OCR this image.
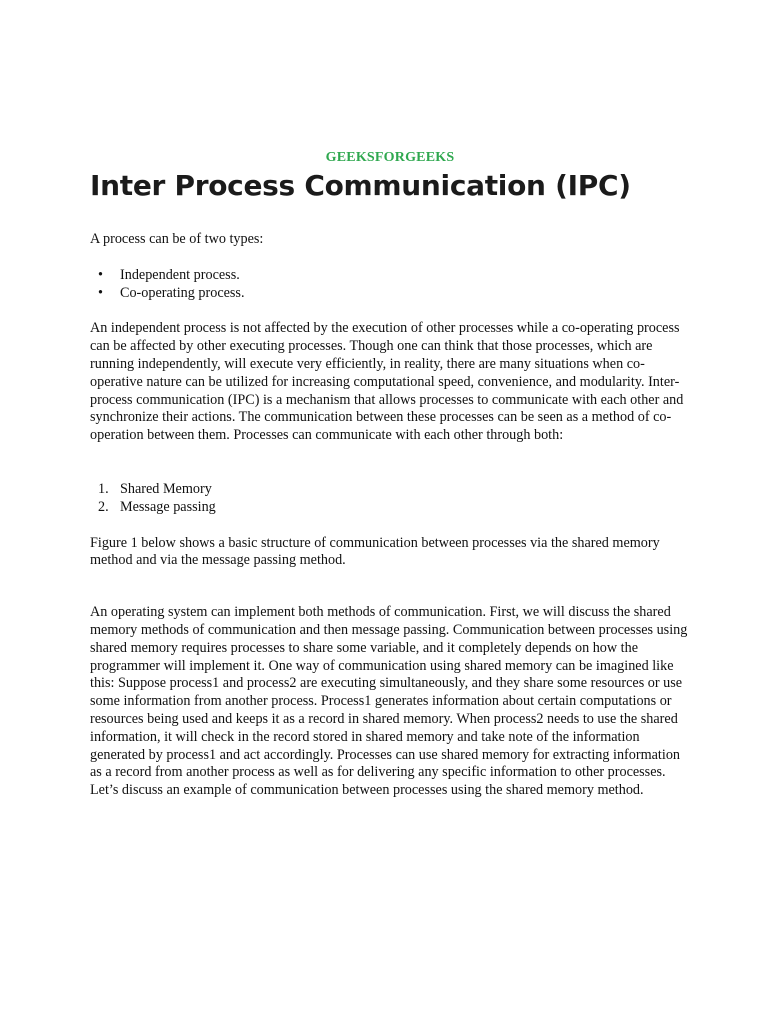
GEEKSFORGEEKS
Inter Process Communication (IPC)

A process can be of two types:

• Independent process.
• Co-operating process.

An independent process is not affected by the execution of other processes while a co-operating process can be affected by other executing processes. Though one can think that those processes, which are running independently, will execute very efficiently, in reality, there are many situations when co-operative nature can be utilized for increasing computational speed, convenience, and modularity. Inter-process communication (IPC) is a mechanism that allows processes to communicate with each other and synchronize their actions. The communication between these processes can be seen as a method of co-operation between them. Processes can communicate with each other through both:

1. Shared Memory
2. Message passing

Figure 1 below shows a basic structure of communication between processes via the shared memory method and via the message passing method.

An operating system can implement both methods of communication. First, we will discuss the shared memory methods of communication and then message passing. Communication between processes using shared memory requires processes to share some variable, and it completely depends on how the programmer will implement it. One way of communication using shared memory can be imagined like this: Suppose process1 and process2 are executing simultaneously, and they share some resources or use some information from another process. Process1 generates information about certain computations or resources being used and keeps it as a record in shared memory. When process2 needs to use the shared information, it will check in the record stored in shared memory and take note of the information generated by process1 and act accordingly. Processes can use shared memory for extracting information as a record from another process as well as for delivering any specific information to other processes.

Let’s discuss an example of communication between processes using the shared memory method.
